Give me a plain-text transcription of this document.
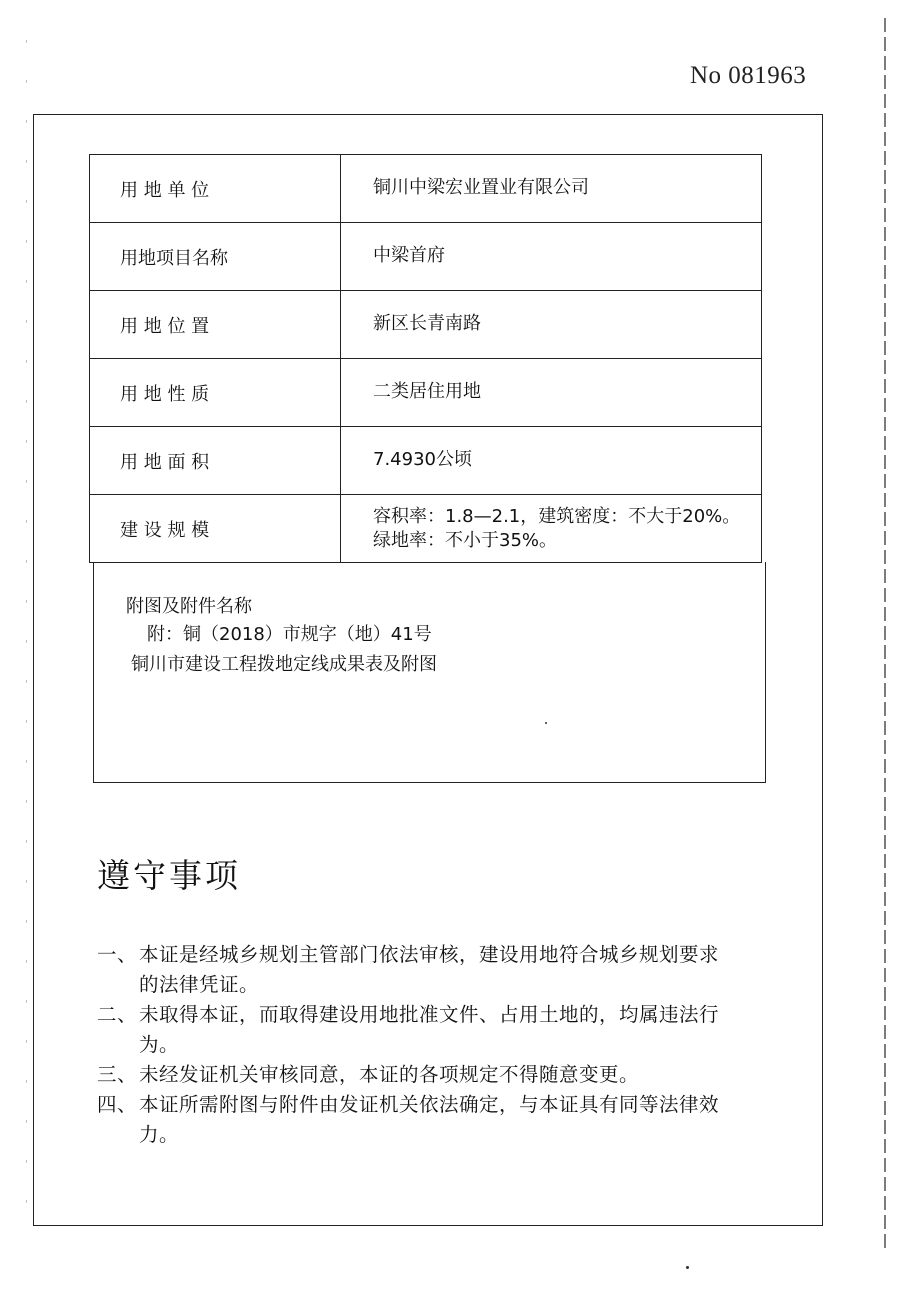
No 081963
用 地 单 位	铜川中梁宏业置业有限公司
用地项目名称	中梁首府
用 地 位 置	新区长青南路
用 地 性 质	二类居住用地
用 地 面 积	7.4930公顷
建 设 规 模	容积率：1.8—2.1，建筑密度：不大于20%。
绿地率：不小于35%。
附图及附件名称
附：铜（2018）市规字（地）41号
铜川市建设工程拨地定线成果表及附图
遵守事项
一、 本证是经城乡规划主管部门依法审核，建设用地符合城乡规划要求
的法律凭证。
二、 未取得本证，而取得建设用地批准文件、占用土地的，均属违法行
为。
三、 未经发证机关审核同意，本证的各项规定不得随意变更。
四、 本证所需附图与附件由发证机关依法确定，与本证具有同等法律效
力。
